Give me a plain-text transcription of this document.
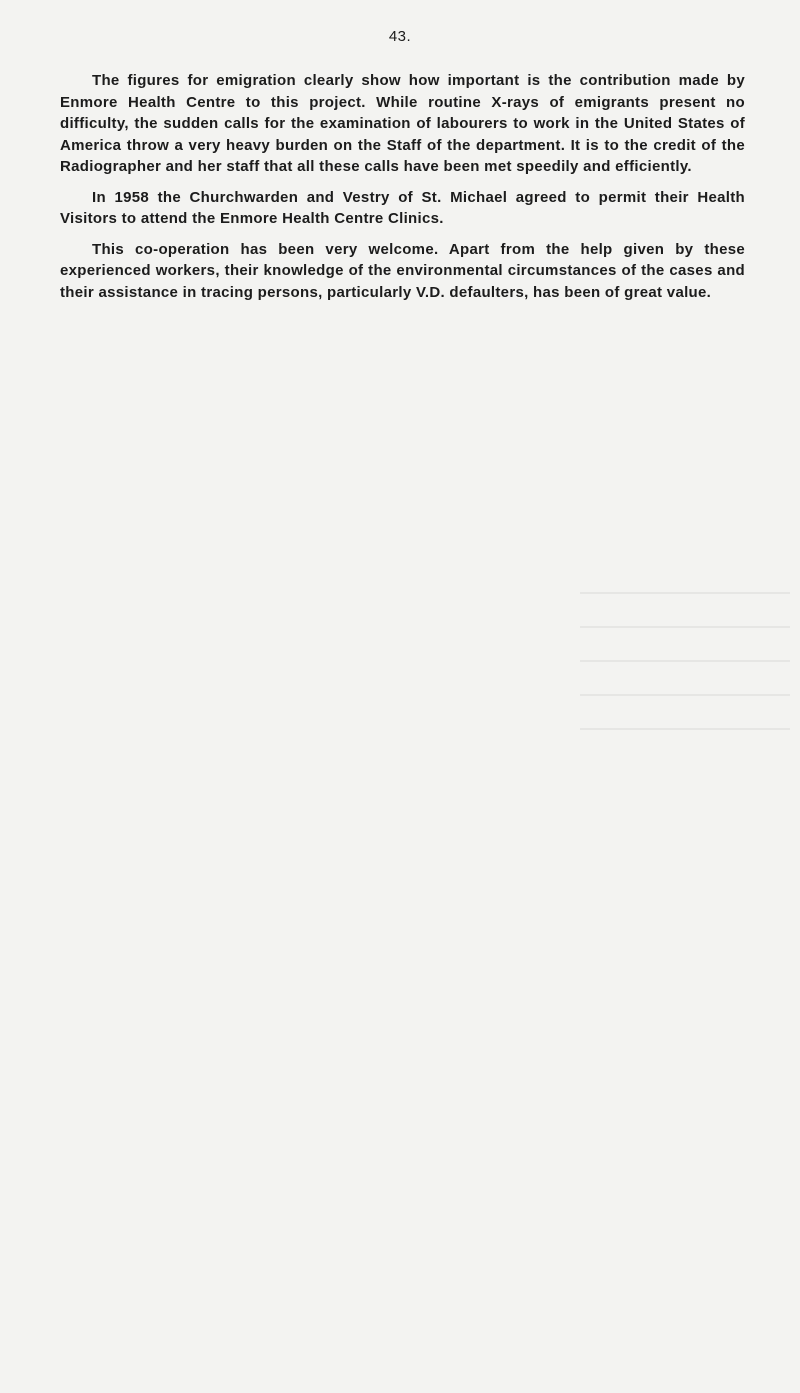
43.

The figures for emigration clearly show how important is the contribution made by Enmore Health Centre to this project. While routine X-rays of emigrants present no difficulty, the sudden calls for the examination of labourers to work in the United States of America throw a very heavy burden on the Staff of the department. It is to the credit of the Radiographer and her staff that all these calls have been met speedily and efficiently.

In 1958 the Churchwarden and Vestry of St. Michael agreed to permit their Health Visitors to attend the Enmore Health Centre Clinics.

This co-operation has been very welcome. Apart from the help given by these experienced workers, their knowledge of the environmental circumstances of the cases and their assistance in tracing persons, particularly V.D. defaulters, has been of great value.
